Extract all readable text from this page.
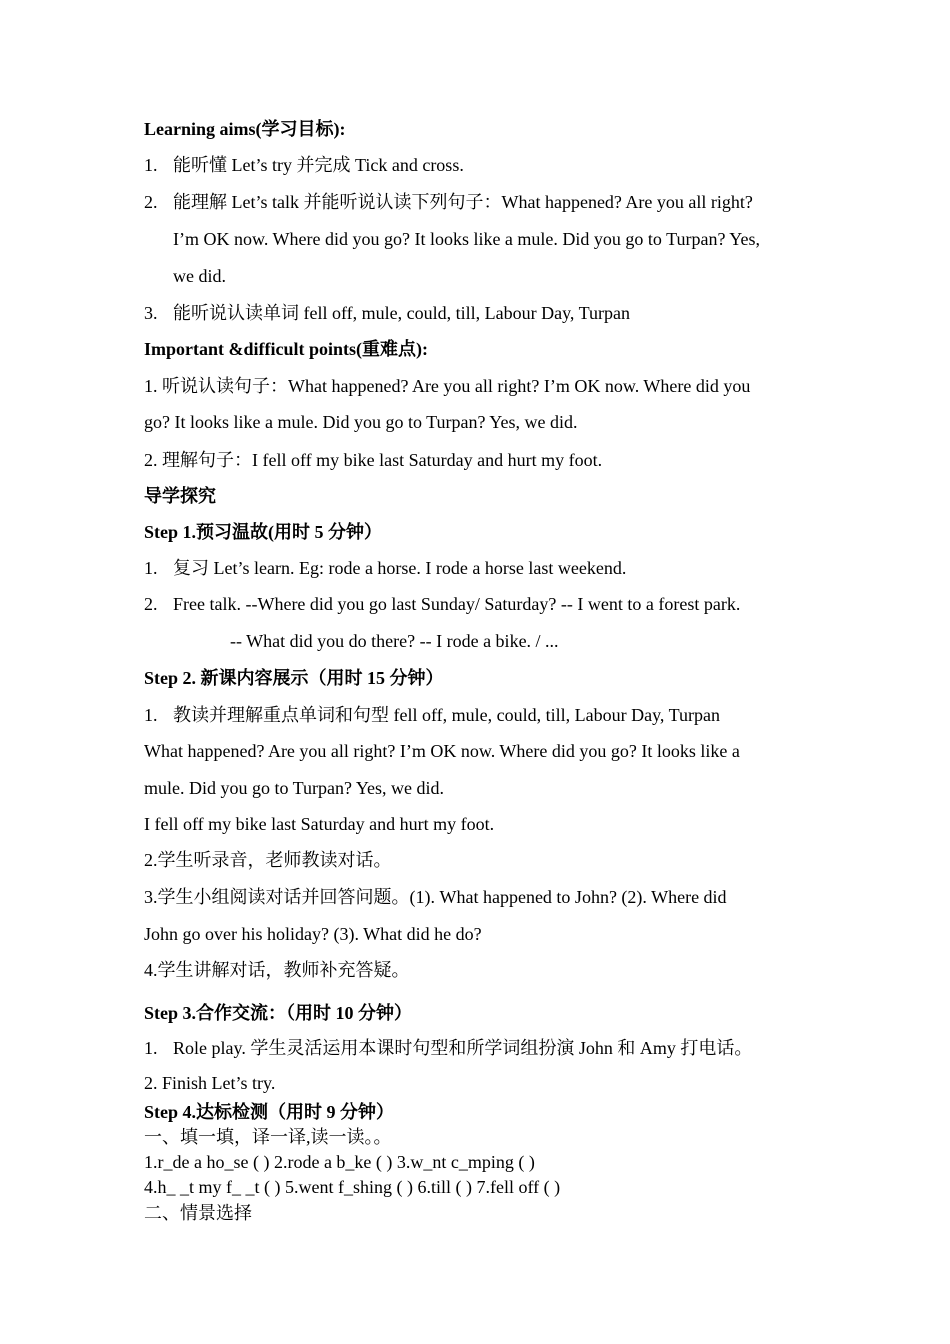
Learning aims(学习目标):
1. 能听懂 Let’s try 并完成 Tick and cross.
2. 能理解 Let’s talk 并能听说认读下列句子：What happened? Are you all right?
I’m OK now. Where did you go? It looks like a mule. Did you go to Turpan? Yes,
we did.
3. 能听说认读单词 fell off, mule, could, till, Labour Day, Turpan
Important &difficult points(重难点):
1. 听说认读句子：What happened? Are you all right? I’m OK now. Where did you
go? It looks like a mule. Did you go to Turpan? Yes, we did.
2. 理解句子：I fell off my bike last Saturday and hurt my foot.
导学探究
Step 1.预习温故(用时 5 分钟）
1. 复习 Let’s learn. Eg: rode a horse. I rode a horse last weekend.
2. Free talk. --Where did you go last Sunday/ Saturday? -- I went to a forest park.
-- What did you do there? -- I rode a bike. / ...
Step 2. 新课内容展示（用时 15 分钟）
1. 教读并理解重点单词和句型 fell off, mule, could, till, Labour Day, Turpan
What happened? Are you all right? I’m OK now. Where did you go? It looks like a
mule. Did you go to Turpan? Yes, we did.
I fell off my bike last Saturday and hurt my foot.
2.学生听录音，老师教读对话。
3.学生小组阅读对话并回答问题。(1). What happened to John? (2). Where did
John go over his holiday? (3). What did he do?
4.学生讲解对话，教师补充答疑。
Step 3.合作交流：（用时 10 分钟）
1. Role play. 学生灵活运用本课时句型和所学词组扮演 John 和 Amy 打电话。
2. Finish Let’s try.
Step 4.达标检测（用时 9 分钟）
一、填一填，译一译,读一读。。
1.r_de a ho_se ( ) 2.rode a b_ke ( ) 3.w_nt c_mping ( )
4.h_ _t my f_ _t ( ) 5.went f_shing ( ) 6.till ( ) 7.fell off ( )
二、情景选择
